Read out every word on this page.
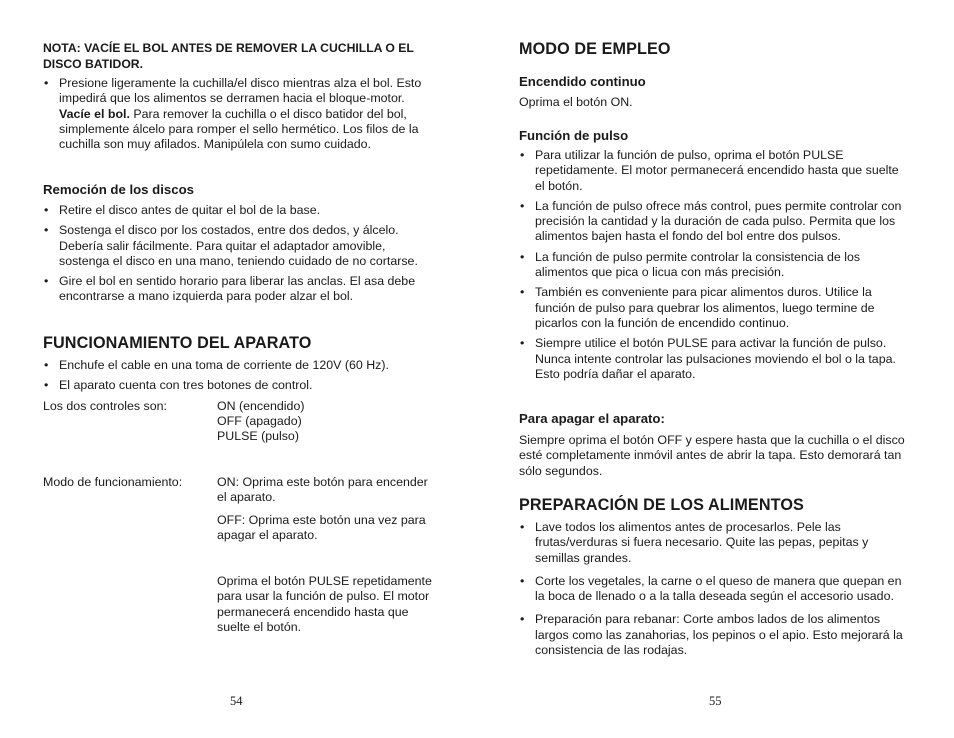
NOTA: VACÍE EL BOL ANTES DE REMOVER LA CUCHILLA O EL DISCO BATIDOR.

• Presione ligeramente la cuchilla/el disco mientras alza el bol. Esto impedirá que los alimentos se derramen hacia el bloque-motor. Vacíe el bol. Para remover la cuchilla o el disco batidor del bol, simplemente álcelo para romper el sello hermético. Los filos de la cuchilla son muy afilados. Manipúlela con sumo cuidado.
Remoción de los discos
• Retire el disco antes de quitar el bol de la base.
• Sostenga el disco por los costados, entre dos dedos, y álcelo. Debería salir fácilmente. Para quitar el adaptador amovible, sostenga el disco en una mano, teniendo cuidado de no cortarse.
• Gire el bol en sentido horario para liberar las anclas. El asa debe encontrarse a mano izquierda para poder alzar el bol.
FUNCIONAMIENTO DEL APARATO
• Enchufe el cable en una toma de corriente de 120V (60 Hz).
• El aparato cuenta con tres botones de control.

Los dos controles son:	ON (encendido)

OFF (apagado)

PULSE (pulso)

Modo de funcionamiento:	ON: Oprima este botón para encender el aparato.

OFF: Oprima este botón una vez para apagar el aparato.

Oprima el botón PULSE repetidamente para usar la función de pulso. El motor permanecerá encendido hasta que suelte el botón.

54
MODO DE EMPLEO
Encendido continuo

Oprima el botón ON.

Función de pulso
• Para utilizar la función de pulso, oprima el botón PULSE repetidamente. El motor permanecerá encendido hasta que suelte el botón.
• La función de pulso ofrece más control, pues permite controlar con precisión la cantidad y la duración de cada pulso. Permita que los alimentos bajen hasta el fondo del bol entre dos pulsos.
• La función de pulso permite controlar la consistencia de los alimentos que pica o licua con más precisión.
• También es conveniente para picar alimentos duros. Utilice la función de pulso para quebrar los alimentos, luego termine de picarlos con la función de encendido continuo.
• Siempre utilice el botón PULSE para activar la función de pulso. Nunca intente controlar las pulsaciones moviendo el bol o la tapa. Esto podría dañar el aparato.
Para apagar el aparato:

Siempre oprima el botón OFF y espere hasta que la cuchilla o el disco esté completamente inmóvil antes de abrir la tapa. Esto demorará tan sólo segundos.

PREPARACIÓN DE LOS ALIMENTOS
• Lave todos los alimentos antes de procesarlos. Pele las frutas/verduras si fuera necesario. Quite las pepas, pepitas y semillas grandes.
• Corte los vegetales, la carne o el queso de manera que quepan en la boca de llenado o a la talla deseada según el accesorio usado.
• Preparación para rebanar: Corte ambos lados de los alimentos largos como las zanahorias, los pepinos o el apio. Esto mejorará la consistencia de las rodajas.
55
